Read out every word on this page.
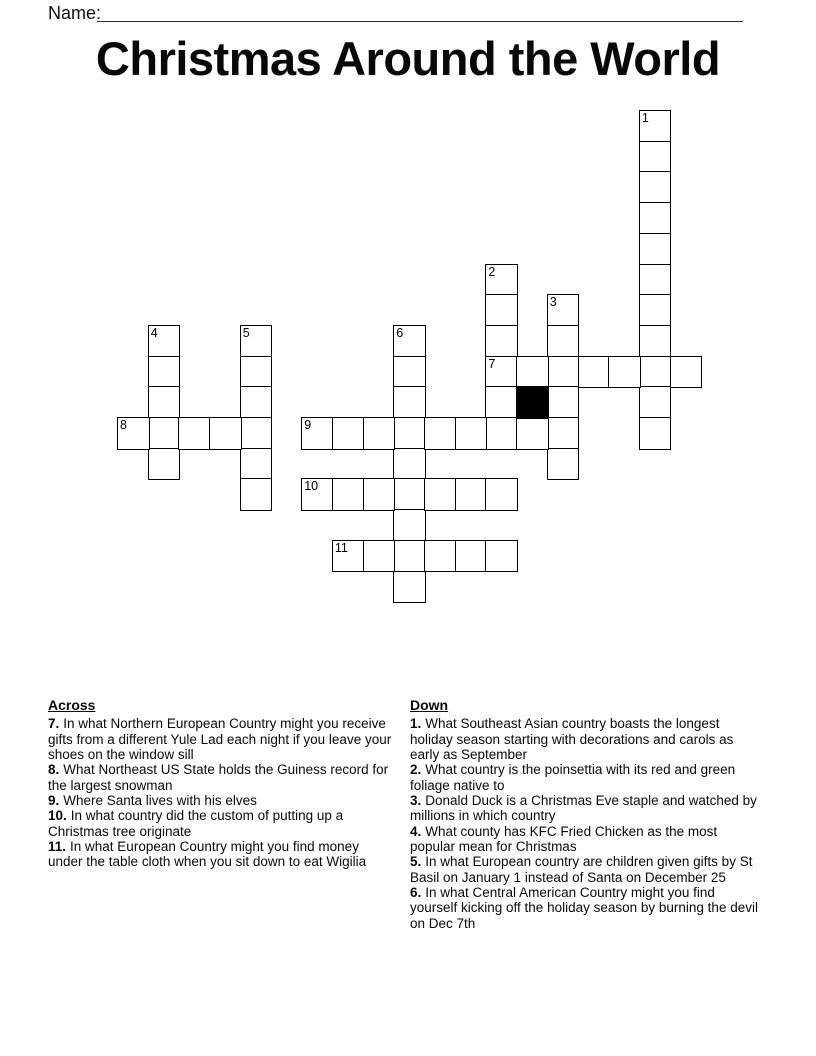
Name:
Christmas Around the World
1
2
7
3
4	5	6
8	9
10
11
Across

7. In what Northern European Country might you receive gifts from a different Yule Lad each night if you leave your shoes on the window sill

8. What Northeast US State holds the Guiness record for the largest snowman

9. Where Santa lives with his elves

10. In what country did the custom of putting up a Christmas tree originate

11. In what European Country might you find money under the table cloth when you sit down to eat Wigilia

Down

1. What Southeast Asian country boasts the longest holiday season starting with decorations and carols as early as September

2. What country is the poinsettia with its red and green foliage native to

3. Donald Duck is a Christmas Eve staple and watched by millions in which country

4. What county has KFC Fried Chicken as the most popular mean for Christmas

5. In what European country are children given gifts by St Basil on January 1 instead of Santa on December 25

6. In what Central American Country might you find yourself kicking off the holiday season by burning the devil on Dec 7th
